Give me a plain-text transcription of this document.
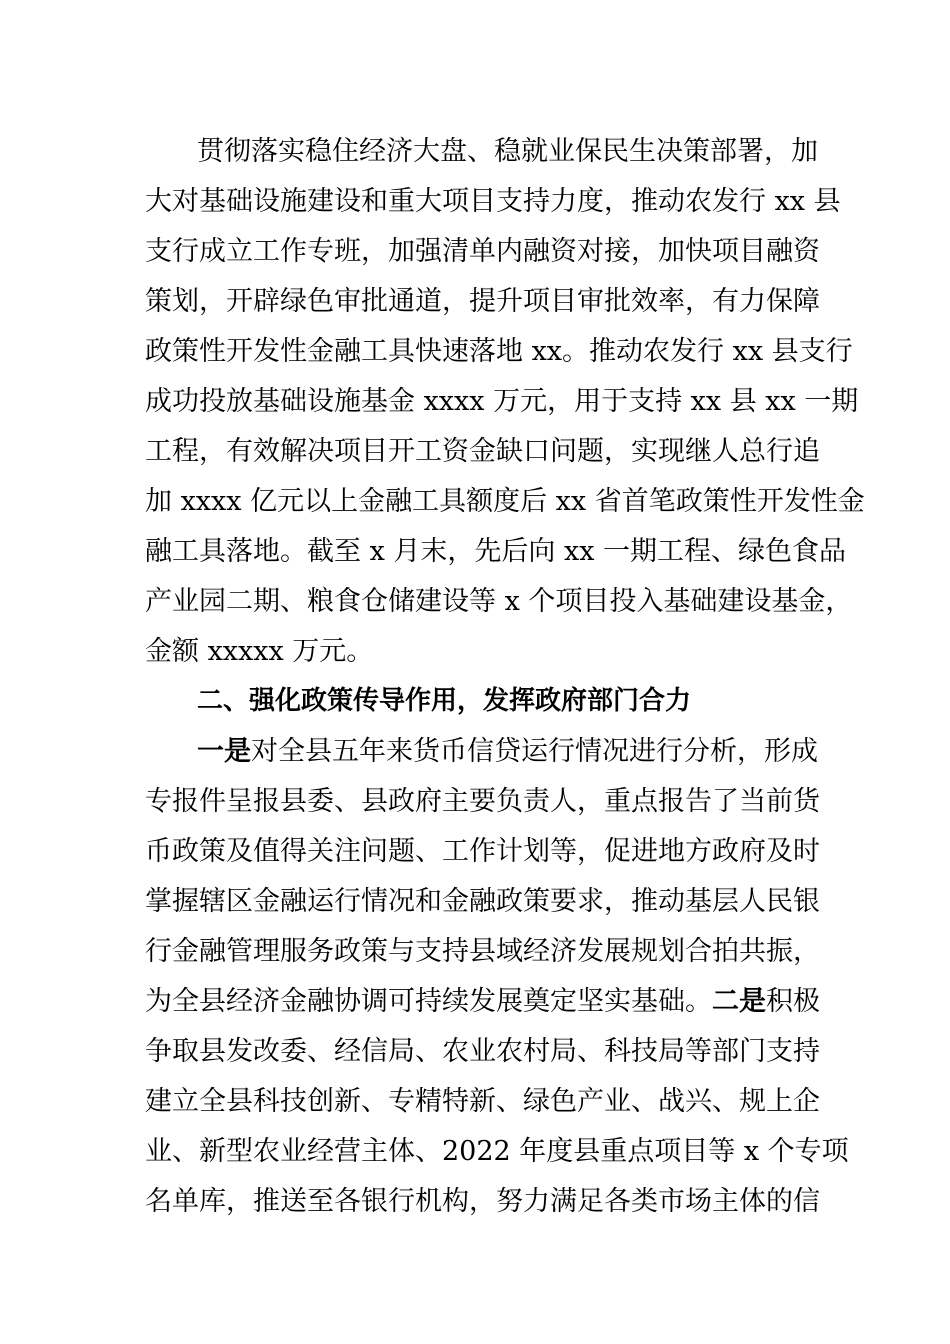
贯彻落实稳住经济大盘、稳就业保民生决策部署，加
大对基础设施建设和重大项目支持力度，推动农发行 xx 县
支行成立工作专班，加强清单内融资对接，加快项目融资
策划，开辟绿色审批通道，提升项目审批效率，有力保障
政策性开发性金融工具快速落地 xx。推动农发行 xx 县支行
成功投放基础设施基金 xxxx 万元，用于支持 xx 县 xx 一期
工程，有效解决项目开工资金缺口问题，实现继人总行追
加 xxxx 亿元以上金融工具额度后 xx 省首笔政策性开发性金
融工具落地。截至 x 月末，先后向 xx 一期工程、绿色食品
产业园二期、粮食仓储建设等 x 个项目投入基础建设基金，
金额 xxxxx 万元。
二、强化政策传导作用，发挥政府部门合力
一是对全县五年来货币信贷运行情况进行分析，形成
专报件呈报县委、县政府主要负责人，重点报告了当前货
币政策及值得关注问题、工作计划等，促进地方政府及时
掌握辖区金融运行情况和金融政策要求，推动基层人民银
行金融管理服务政策与支持县域经济发展规划合拍共振，
为全县经济金融协调可持续发展奠定坚实基础。二是积极
争取县发改委、经信局、农业农村局、科技局等部门支持
建立全县科技创新、专精特新、绿色产业、战兴、规上企
业、新型农业经营主体、2022 年度县重点项目等 x 个专项
名单库，推送至各银行机构，努力满足各类市场主体的信
